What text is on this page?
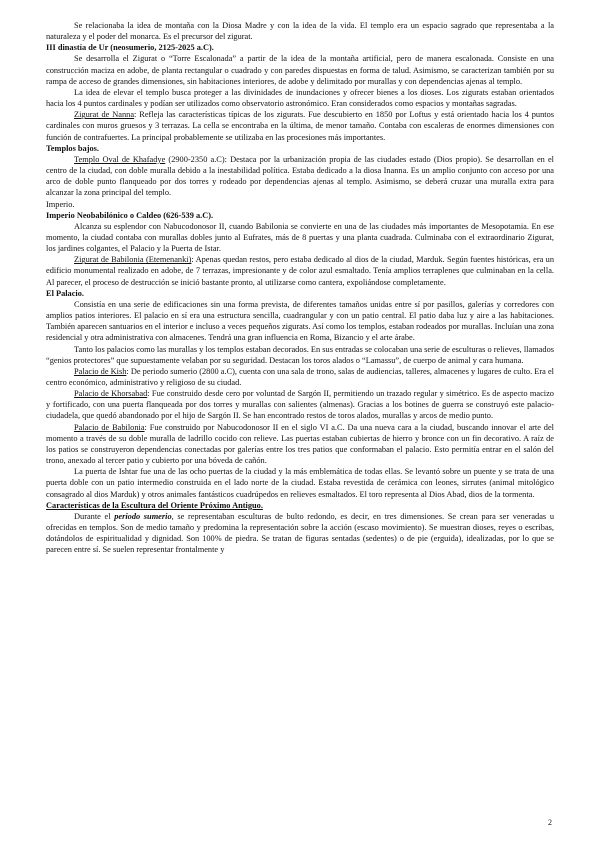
Se relacionaba la idea de montaña con la Diosa Madre y con la idea de la vida. El templo era un espacio sagrado que representaba a la naturaleza y el poder del monarca. Es el precursor del zigurat.

III dinastía de Ur (neosumerio, 2125-2025 a.C).

Se desarrolla el Zigurat o “Torre Escalonada” a partir de la idea de la montaña artificial, pero de manera escalonada. Consiste en una construcción maciza en adobe, de planta rectangular o cuadrado y con paredes dispuestas en forma de talud. Asimismo, se caracterizan también por su rampa de acceso de grandes dimensiones, sin habitaciones interiores, de adobe y delimitado por murallas y con dependencias ajenas al templo.

La idea de elevar el templo busca proteger a las divinidades de inundaciones y ofrecer bienes a los dioses. Los zigurats estaban orientados hacia los 4 puntos cardinales y podían ser utilizados como observatorio astronómico. Eran considerados como espacios y montañas sagradas.

Zigurat de Nanna: Refleja las características típicas de los zigurats. Fue descubierto en 1850 por Loftus y está orientado hacia los 4 puntos cardinales con muros gruesos y 3 terrazas. La cella se encontraba en la última, de menor tamaño. Contaba con escaleras de enormes dimensiones con función de contrafuertes. La principal probablemente se utilizaba en las procesiones más importantes.

Templos bajos.

Templo Oval de Khafadye (2900-2350 a.C): Destaca por la urbanización propia de las ciudades estado (Dios propio). Se desarrollan en el centro de la ciudad, con doble muralla debido a la inestabilidad política. Estaba dedicado a la diosa Inanna. Es un amplio conjunto con acceso por una arco de doble punto flanqueado por dos torres y rodeado por dependencias ajenas al templo. Asimismo, se deberá cruzar una muralla extra para alcanzar la zona principal del templo.

Imperio.

Imperio Neobabilónico o Caldeo (626-539 a.C).

Alcanza su esplendor con Nabucodonosor II, cuando Babilonia se convierte en una de las ciudades más importantes de Mesopotamia. En ese momento, la ciudad contaba con murallas dobles junto al Eufrates, más de 8 puertas y una planta cuadrada. Culminaba con el extraordinario Zigurat, los jardines colgantes, el Palacio y la Puerta de Istar.

Zigurat de Babilonia (Etemenanki): Apenas quedan restos, pero estaba dedicado al dios de la ciudad, Marduk. Según fuentes históricas, era un edificio monumental realizado en adobe, de 7 terrazas, impresionante y de color azul esmaltado. Tenía amplios terraplenes que culminaban en la cella. Al parecer, el proceso de destrucción se inició bastante pronto, al utilizarse como cantera, expoliándose completamente.

El Palacio.

Consistía en una serie de edificaciones sin una forma prevista, de diferentes tamaños unidas entre sí por pasillos, galerías y corredores con amplios patios interiores. El palacio en sí era una estructura sencilla, cuadrangular y con un patio central. El patio daba luz y aire a las habitaciones. También aparecen santuarios en el interior e incluso a veces pequeños zigurats. Así como los templos, estaban rodeados por murallas. Incluían una zona residencial y otra administrativa con almacenes. Tendrá una gran influencia en Roma, Bizancio y el arte árabe.

Tanto los palacios como las murallas y los templos estaban decorados. En sus entradas se colocaban una serie de esculturas o relieves, llamados “genios protectores” que supuestamente velaban por su seguridad. Destacan los toros alados o “Lamassu”, de cuerpo de animal y cara humana.

Palacio de Kish: De periodo sumerio (2800 a.C), cuenta con una sala de trono, salas de audiencias, talleres, almacenes y lugares de culto. Era el centro económico, administrativo y religioso de su ciudad.

Palacio de Khorsabad: Fue construido desde cero por voluntad de Sargón II, permitiendo un trazado regular y simétrico. Es de aspecto macizo y fortificado, con una puerta flanqueada por dos torres y murallas con salientes (almenas). Gracias a los botines de guerra se construyó este palacio-ciudadela, que quedó abandonado por el hijo de Sargón II. Se han encontrado restos de toros alados, murallas y arcos de medio punto.

Palacio de Babilonia: Fue construido por Nabucodonosor II en el siglo VI a.C. Da una nueva cara a la ciudad, buscando innovar el arte del momento a través de su doble muralla de ladrillo cocido con relieve. Las puertas estaban cubiertas de hierro y bronce con un fin decorativo. A raíz de los patios se construyeron dependencias conectadas por galerías entre los tres patios que conformaban el palacio. Esto permitía entrar en el salón del trono, anexado al tercer patio y cubierto por una bóveda de cañón.

La puerta de Ishtar fue una de las ocho puertas de la ciudad y la más emblemática de todas ellas. Se levantó sobre un puente y se trata de una puerta doble con un patio intermedio construida en el lado norte de la ciudad. Estaba revestida de cerámica con leones, sirrutes (animal mitológico consagrado al dios Marduk) y otros animales fantásticos cuadrúpedos en relieves esmaltados. El toro representa al Dios Abad, dios de la tormenta.

Características de la Escultura del Oriente Próximo Antiguo.

Durante el periodo sumerio, se representaban esculturas de bulto redondo, es decir, en tres dimensiones. Se crean para ser veneradas u ofrecidas en templos. Son de medio tamaño y predomina la representación sobre la acción (escaso movimiento). Se muestran dioses, reyes o escribas, dotándolos de espiritualidad y dignidad. Son 100% de piedra. Se tratan de figuras sentadas (sedentes) o de pie (erguida), idealizadas, por lo que se parecen entre sí. Se suelen representar frontalmente y

2
